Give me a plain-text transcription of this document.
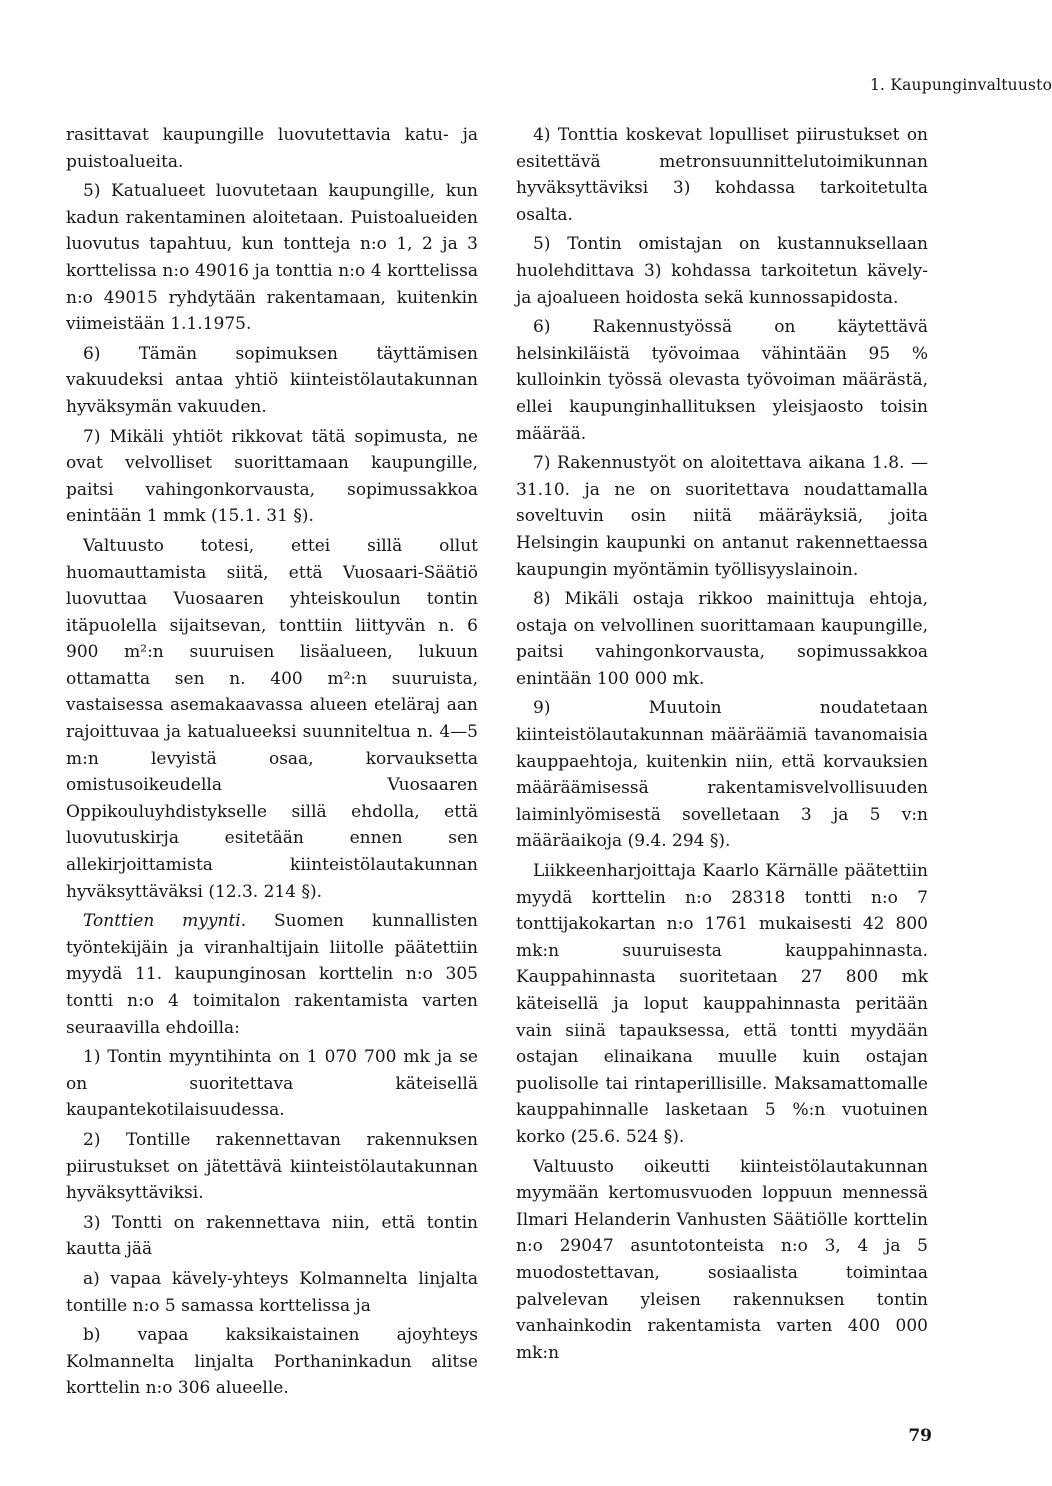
1. Kaupunginvaltuusto

rasittavat kaupungille luovutettavia katu- ja puistoalueita.

5) Katualueet luovutetaan kaupungille, kun kadun rakentaminen aloitetaan. Puistoalueiden luovutus tapahtuu, kun tontteja n:o 1, 2 ja 3 korttelissa n:o 49016 ja tonttia n:o 4 korttelissa n:o 49015 ryhdytään rakentamaan, kuitenkin viimeistään 1.1.1975.

6) Tämän sopimuksen täyttämisen vakuudeksi antaa yhtiö kiinteistölautakunnan hyväksymän vakuuden.

7) Mikäli yhtiöt rikkovat tätä sopimusta, ne ovat velvolliset suorittamaan kaupungille, paitsi vahingonkorvausta, sopimussakkoa enintään 1 mmk (15.1. 31 §).

Valtuusto totesi, ettei sillä ollut huomauttamista siitä, että Vuosaari-Säätiö luovuttaa Vuosaaren yhteiskoulun tontin itäpuolella sijaitsevan, tonttiin liittyvän n. 6 900 m²:n suuruisen lisäalueen, lukuun ottamatta sen n. 400 m²:n suuruista, vastaisessa asemakaavassa alueen eteläraj aan rajoittuvaa ja katualueeksi suunniteltua n. 4—5 m:n levyistä osaa, korvauksetta omistusoikeudella Vuosaaren Oppikouluyhdistykselle sillä ehdolla, että luovutuskirja esitetään ennen sen allekirjoittamista kiinteistölautakunnan hyväksyttäväksi (12.3. 214 §).

Tonttien myynti. Suomen kunnallisten työntekijäin ja viranhaltijain liitolle päätettiin myydä 11. kaupunginosan korttelin n:o 305 tontti n:o 4 toimitalon rakentamista varten seuraavilla ehdoilla:

1) Tontin myyntihinta on 1 070 700 mk ja se on suoritettava käteisellä kaupantekotilaisuudessa.

2) Tontille rakennettavan rakennuksen piirustukset on jätettävä kiinteistölautakunnan hyväksyttäviksi.

3) Tontti on rakennettava niin, että tontin kautta jää

a) vapaa kävely-yhteys Kolmannelta linjalta tontille n:o 5 samassa korttelissa ja

b) vapaa kaksikaistainen ajoyhteys Kolmannelta linjalta Porthaninkadun alitse korttelin n:o 306 alueelle.

4) Tonttia koskevat lopulliset piirustukset on esitettävä metronsuunnittelutoimikunnan hyväksyttäviksi 3) kohdassa tarkoitetulta osalta.

5) Tontin omistajan on kustannuksellaan huolehdittava 3) kohdassa tarkoitetun kävely- ja ajoalueen hoidosta sekä kunnossapidosta.

6) Rakennustyössä on käytettävä helsinkiläistä työvoimaa vähintään 95 % kulloinkin työssä olevasta työvoiman määrästä, ellei kaupunginhallituksen yleisjaosto toisin määrää.

7) Rakennustyöt on aloitettava aikana 1.8. —31.10. ja ne on suoritettava noudattamalla soveltuvin osin niitä määräyksiä, joita Helsingin kaupunki on antanut rakennettaessa kaupungin myöntämin työllisyyslainoin.

8) Mikäli ostaja rikkoo mainittuja ehtoja, ostaja on velvollinen suorittamaan kaupungille, paitsi vahingonkorvausta, sopimussakkoa enintään 100 000 mk.

9) Muutoin noudatetaan kiinteistölautakunnan määräämiä tavanomaisia kauppaehtoja, kuitenkin niin, että korvauksien määräämisessä rakentamisvelvollisuuden laiminlyömisestä sovelletaan 3 ja 5 v:n määräaikoja (9.4. 294 §).

Liikkeenharjoittaja Kaarlo Kärnälle päätettiin myydä korttelin n:o 28318 tontti n:o 7 tonttijakokartan n:o 1761 mukaisesti 42 800 mk:n suuruisesta kauppahinnasta. Kauppahinnasta suoritetaan 27 800 mk käteisellä ja loput kauppahinnasta peritään vain siinä tapauksessa, että tontti myydään ostajan elinaikana muulle kuin ostajan puolisolle tai rintaperillisille. Maksamattomalle kauppahinnalle lasketaan 5 %:n vuotuinen korko (25.6. 524 §).

Valtuusto oikeutti kiinteistölautakunnan myymään kertomusvuoden loppuun mennessä Ilmari Helanderin Vanhusten Säätiölle korttelin n:o 29047 asuntotonteista n:o 3, 4 ja 5 muodostettavan, sosiaalista toimintaa palvelevan yleisen rakennuksen tontin vanhainkodin rakentamista varten 400 000 mk:n

79
